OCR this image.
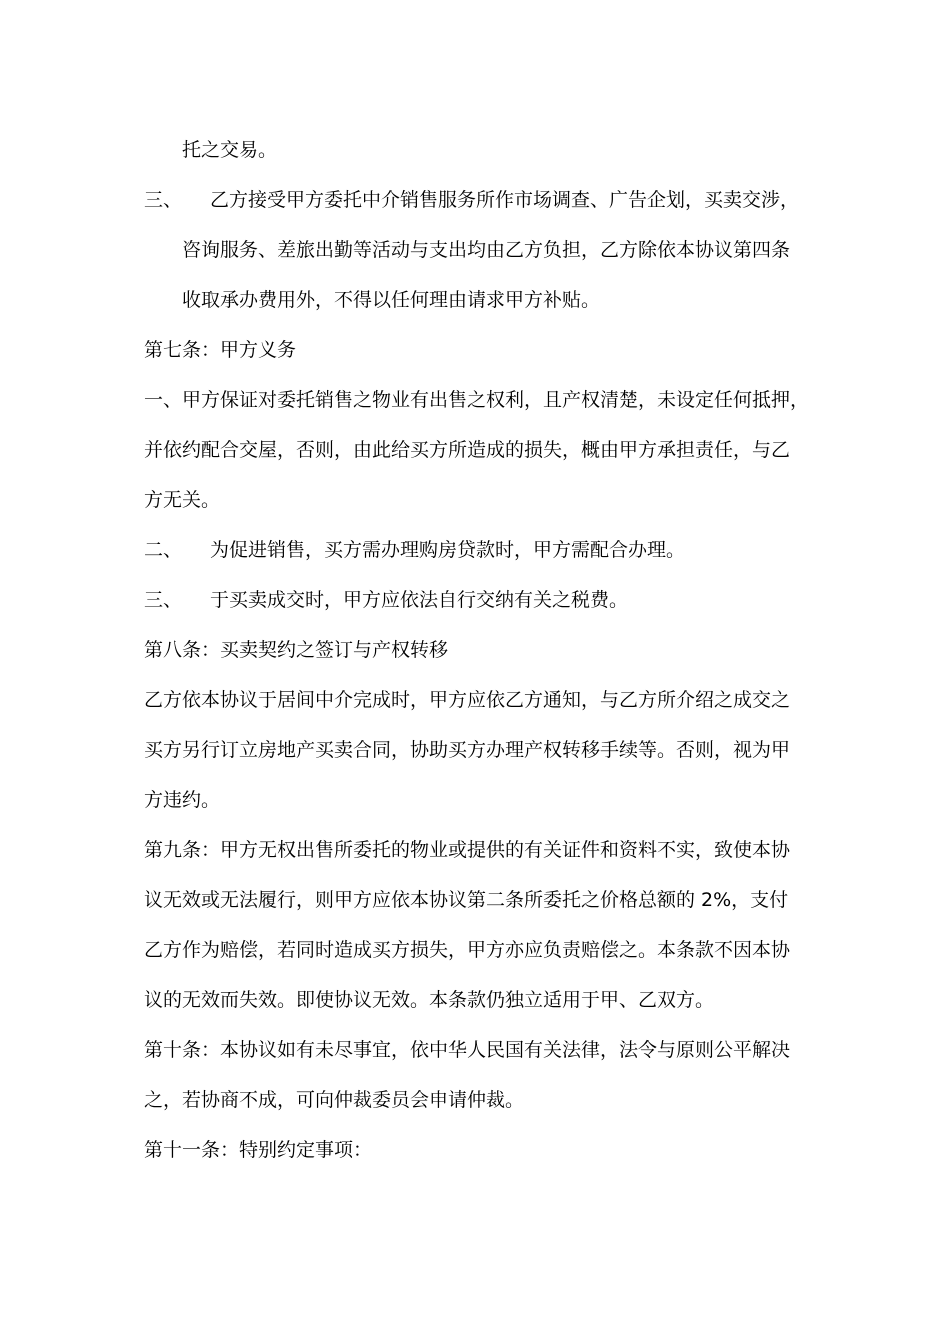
托之交易。
三、 乙方接受甲方委托中介销售服务所作市场调查、广告企划，买卖交涉，
咨询服务、差旅出勤等活动与支出均由乙方负担，乙方除依本协议第四条
收取承办费用外，不得以任何理由请求甲方补贴。
第七条：甲方义务
一、甲方保证对委托销售之物业有出售之权利，且产权清楚，未设定任何抵押，
并依约配合交屋，否则，由此给买方所造成的损失，概由甲方承担责任，与乙
方无关。
二、 为促进销售，买方需办理购房贷款时，甲方需配合办理。
三、 于买卖成交时，甲方应依法自行交纳有关之税费。
第八条：买卖契约之签订与产权转移
乙方依本协议于居间中介完成时，甲方应依乙方通知，与乙方所介绍之成交之
买方另行订立房地产买卖合同，协助买方办理产权转移手续等。否则，视为甲
方违约。
第九条：甲方无权出售所委托的物业或提供的有关证件和资料不实，致使本协
议无效或无法履行，则甲方应依本协议第二条所委托之价格总额的 2%，支付
乙方作为赔偿，若同时造成买方损失，甲方亦应负责赔偿之。本条款不因本协
议的无效而失效。即使协议无效。本条款仍独立适用于甲、乙双方。
第十条：本协议如有未尽事宜，依中华人民国有关法律，法令与原则公平解决
之，若协商不成，可向仲裁委员会申请仲裁。
第十一条：特别约定事项：
